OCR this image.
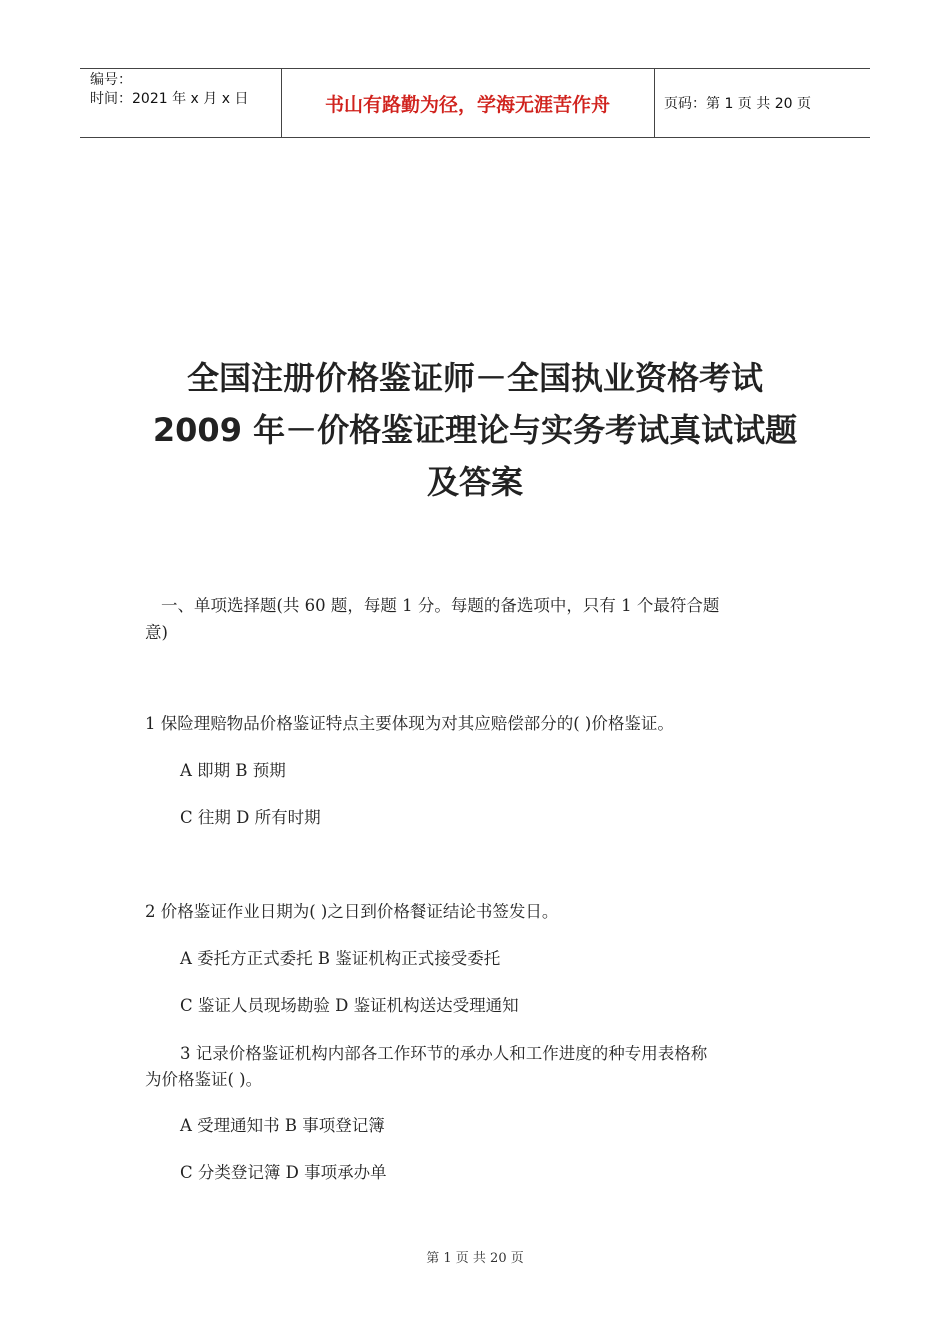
编号：
时间：2021 年 x 月 x 日	书山有路勤为径，学海无涯苦作舟	页码：第 1 页 共 20 页
全国注册价格鉴证师－全国执业资格考试
2009 年－价格鉴证理论与实务考试真试试题
及答案
一、单项选择题(共 60 题，每题 1 分。每题的备选项中，只有 1 个最符合题
意)
1 保险理赔物品价格鉴证特点主要体现为对其应赔偿部分的( )价格鉴证。
A 即期 B 预期
C 往期 D 所有时期
2 价格鉴证作业日期为( )之日到价格餐证结论书签发日。
A 委托方正式委托 B 鉴证机构正式接受委托
C 鉴证人员现场勘验 D 鉴证机构送达受理通知
3 记录价格鉴证机构内部各工作环节的承办人和工作进度的种专用表格称
为价格鉴证( )。
A 受理通知书 B 事项登记簿
C 分类登记簿 D 事项承办单
第 1 页 共 20 页
